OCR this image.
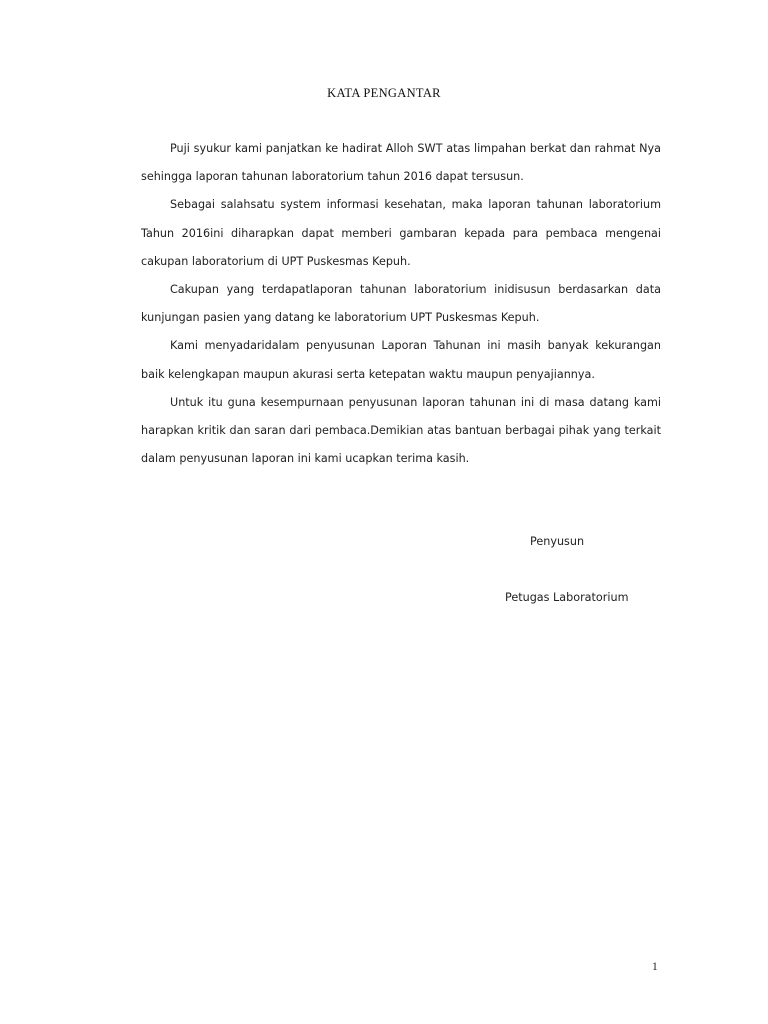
KATA PENGANTAR

Puji syukur kami panjatkan ke hadirat Alloh SWT atas limpahan berkat dan rahmat Nya sehingga laporan tahunan laboratorium tahun 2016 dapat tersusun.

Sebagai salahsatu system informasi kesehatan, maka laporan tahunan laboratorium Tahun 2016ini diharapkan dapat memberi gambaran kepada para pembaca mengenai cakupan laboratorium di UPT Puskesmas Kepuh.

Cakupan yang terdapatlaporan tahunan laboratorium inidisusun berdasarkan data kunjungan pasien yang datang ke laboratorium UPT Puskesmas Kepuh.

Kami menyadaridalam penyusunan Laporan Tahunan ini masih banyak kekurangan baik kelengkapan maupun akurasi serta ketepatan waktu maupun penyajiannya.

Untuk itu guna kesempurnaan penyusunan laporan tahunan ini di masa datang kami harapkan kritik dan saran dari pembaca.Demikian atas bantuan berbagai pihak yang terkait dalam penyusunan laporan ini kami ucapkan terima kasih.

Penyusun
Petugas Laboratorium
1
